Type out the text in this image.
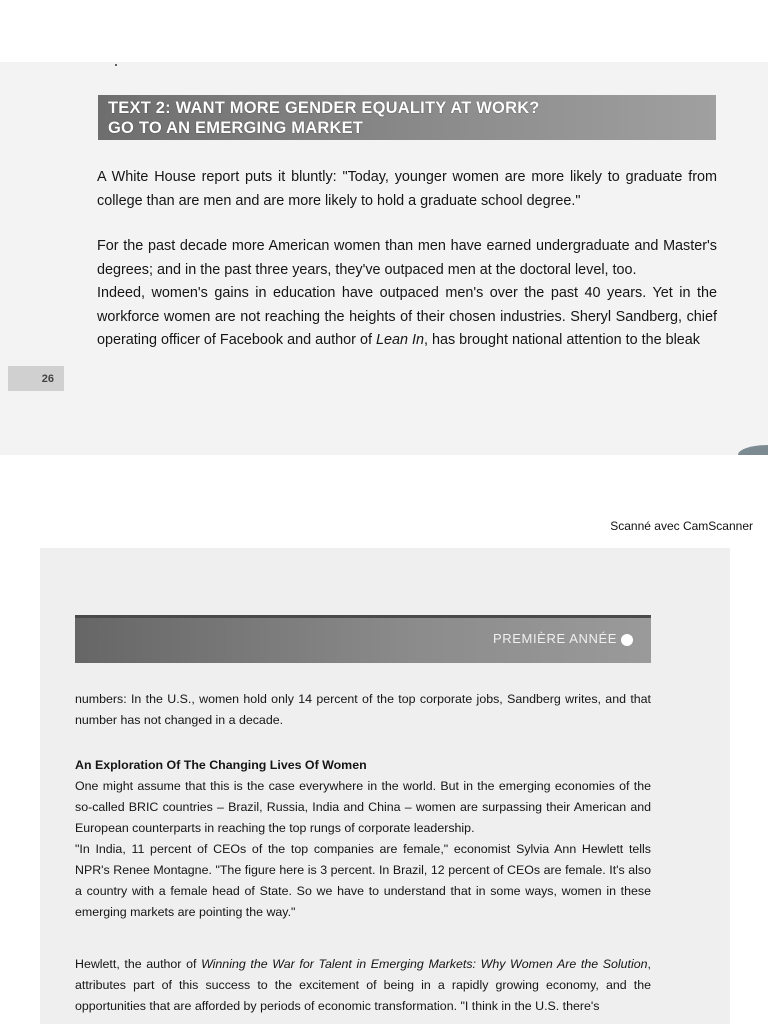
TEXT 2: WANT MORE GENDER EQUALITY AT WORK?
GO TO AN EMERGING MARKET

A White House report puts it bluntly: "Today, younger women are more likely to graduate from college than are men and are more likely to hold a graduate school degree."

For the past decade more American women than men have earned undergraduate and Master's degrees; and in the past three years, they've outpaced men at the doctoral level, too.

Indeed, women's gains in education have outpaced men's over the past 40 years. Yet in the workforce women are not reaching the heights of their chosen industries. Sheryl Sandberg, chief operating officer of Facebook and author of Lean In, has brought national attention to the bleak

26
Scanné avec CamScanner
PREMIÈRE ANNÉE

numbers: In the U.S., women hold only 14 percent of the top corporate jobs, Sandberg writes, and that number has not changed in a decade.

An Exploration Of The Changing Lives Of Women

One might assume that this is the case everywhere in the world. But in the emerging economies of the so-called BRIC countries – Brazil, Russia, India and China – women are surpassing their American and European counterparts in reaching the top rungs of corporate leadership.

"In India, 11 percent of CEOs of the top companies are female," economist Sylvia Ann Hewlett tells NPR's Renee Montagne. "The figure here is 3 percent. In Brazil, 12 percent of CEOs are female. It's also a country with a female head of State. So we have to understand that in some ways, women in these emerging markets are pointing the way."

Hewlett, the author of Winning the War for Talent in Emerging Markets: Why Women Are the Solution, attributes part of this success to the excitement of being in a rapidly growing economy, and the opportunities that are afforded by periods of economic transformation. "I think in the U.S. there's
